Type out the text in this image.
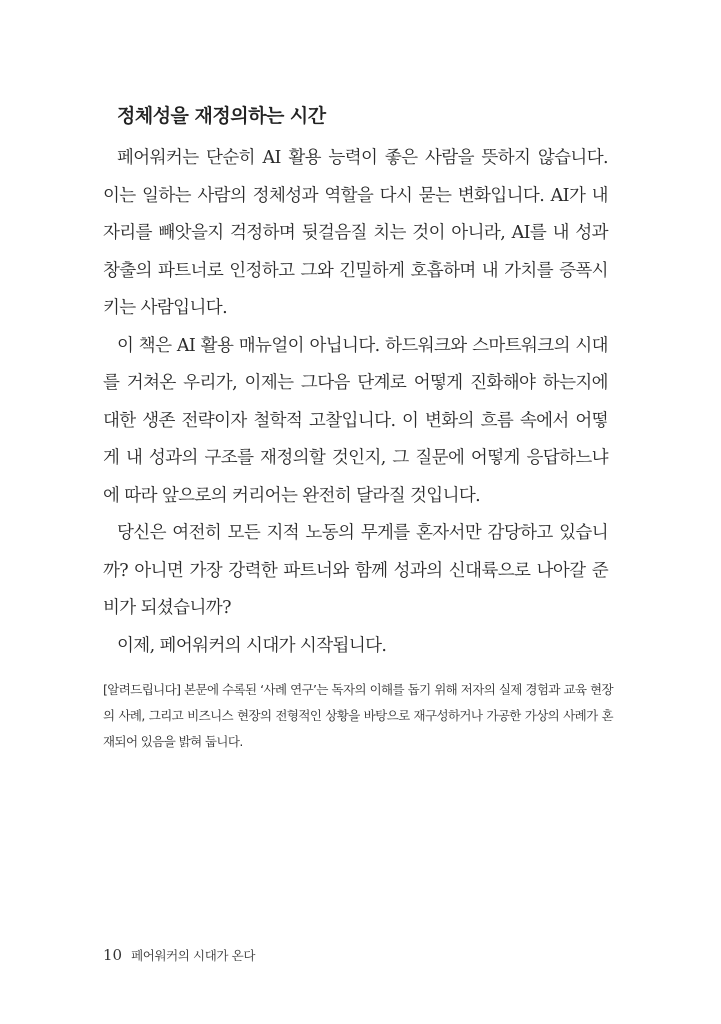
정체성을 재정의하는 시간

페어워커는 단순히 AI 활용 능력이 좋은 사람을 뜻하지 않습니다. 이는 일하는 사람의 정체성과 역할을 다시 묻는 변화입니다. AI가 내 자리를 빼앗을지 걱정하며 뒷걸음질 치는 것이 아니라, AI를 내 성과 창출의 파트너로 인정하고 그와 긴밀하게 호흡하며 내 가치를 증폭시키는 사람입니다.

이 책은 AI 활용 매뉴얼이 아닙니다. 하드워크와 스마트워크의 시대를 거쳐온 우리가, 이제는 그다음 단계로 어떻게 진화해야 하는지에 대한 생존 전략이자 철학적 고찰입니다. 이 변화의 흐름 속에서 어떻게 내 성과의 구조를 재정의할 것인지, 그 질문에 어떻게 응답하느냐에 따라 앞으로의 커리어는 완전히 달라질 것입니다.

당신은 여전히 모든 지적 노동의 무게를 혼자서만 감당하고 있습니까? 아니면 가장 강력한 파트너와 함께 성과의 신대륙으로 나아갈 준비가 되셨습니까?

이제, 페어워커의 시대가 시작됩니다.

[알려드립니다] 본문에 수록된 ‘사례 연구’는 독자의 이해를 돕기 위해 저자의 실제 경험과 교육 현장의 사례, 그리고 비즈니스 현장의 전형적인 상황을 바탕으로 재구성하거나 가공한 가상의 사례가 혼재되어 있음을 밝혀 둡니다.

10 페어워커의 시대가 온다
